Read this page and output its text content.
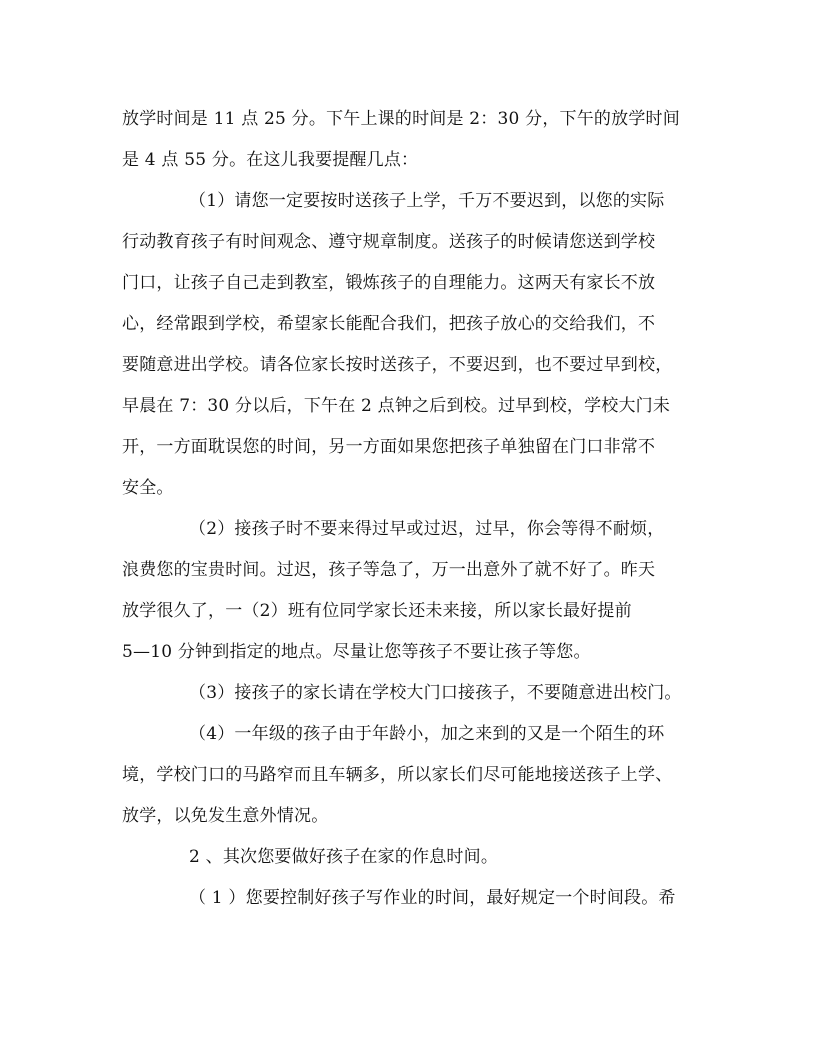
放学时间是 11 点 25 分。下午上课的时间是 2：30 分，下午的放学时间
是 4 点 55 分。在这儿我要提醒几点：
（1）请您一定要按时送孩子上学，千万不要迟到，以您的实际
行动教育孩子有时间观念、遵守规章制度。送孩子的时候请您送到学校
门口，让孩子自己走到教室，锻炼孩子的自理能力。这两天有家长不放
心，经常跟到学校，希望家长能配合我们，把孩子放心的交给我们，不
要随意进出学校。请各位家长按时送孩子，不要迟到，也不要过早到校，
早晨在 7：30 分以后，下午在 2 点钟之后到校。过早到校，学校大门未
开，一方面耽误您的时间，另一方面如果您把孩子单独留在门口非常不
安全。
（2）接孩子时不要来得过早或过迟，过早，你会等得不耐烦，
浪费您的宝贵时间。过迟，孩子等急了，万一出意外了就不好了。昨天
放学很久了，一（2）班有位同学家长还未来接，所以家长最好提前
5—10 分钟到指定的地点。尽量让您等孩子不要让孩子等您。
（3）接孩子的家长请在学校大门口接孩子，不要随意进出校门。
（4）一年级的孩子由于年龄小，加之来到的又是一个陌生的环
境，学校门口的马路窄而且车辆多，所以家长们尽可能地接送孩子上学、
放学，以免发生意外情况。
2 、其次您要做好孩子在家的作息时间。
（ 1 ）您要控制好孩子写作业的时间，最好规定一个时间段。希
